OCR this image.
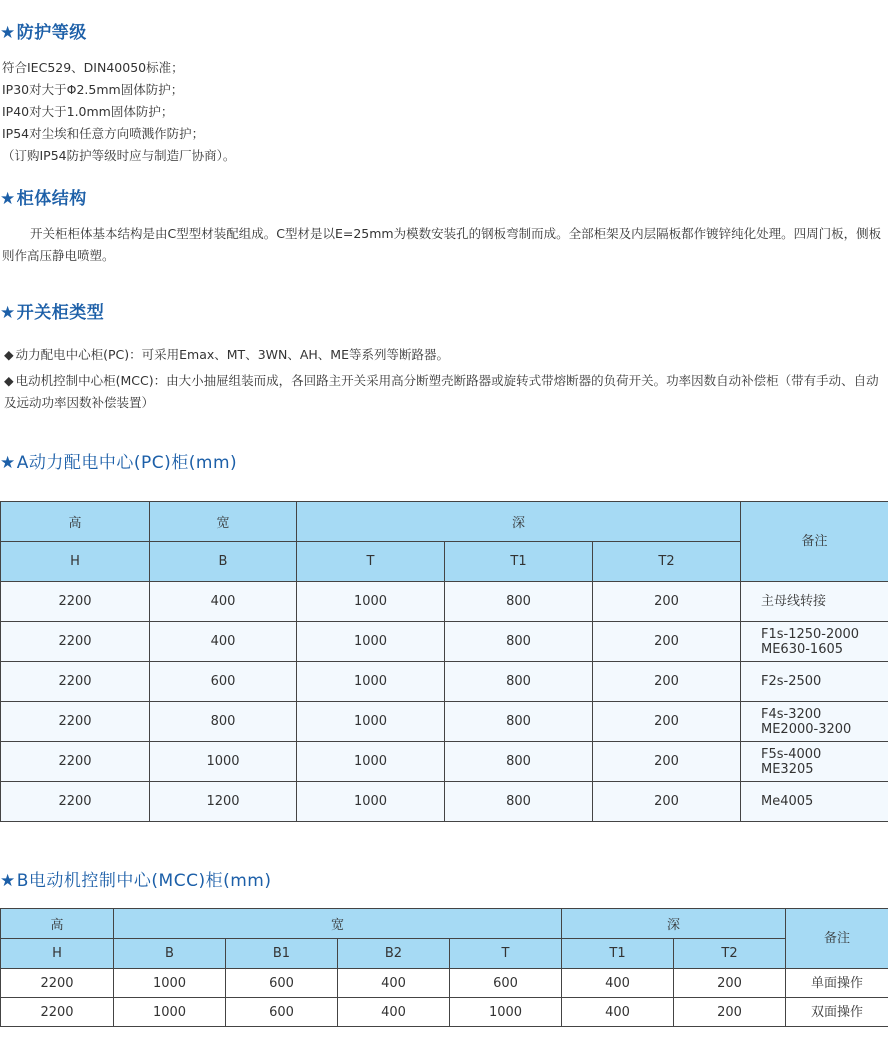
★防护等级

符合IEC529、DIN40050标准；

IP30对大于Φ2.5mm固体防护；

IP40对大于1.0mm固体防护；

IP54对尘埃和任意方向喷溅作防护；

（订购IP54防护等级时应与制造厂协商）。

★柜体结构

开关柜柜体基本结构是由C型型材装配组成。C型材是以E=25mm为模数安装孔的钢板弯制而成。全部柜架及内层隔板都作镀锌纯化处理。四周门板，侧板则作高压静电喷塑。

★开关柜类型

◆ 动力配电中心柜(PC)：可采用Emax、MT、3WN、AH、ME等系列等断路器。

◆ 电动机控制中心柜(MCC)：由大小抽屉组装而成，各回路主开关采用高分断塑壳断路器或旋转式带熔断器的负荷开关。功率因数自动补偿柜（带有手动、自动及远动功率因数补偿装置）

★A动力配电中心(PC)柜(mm)
高	宽	深			备注
H	B	T	T1	T2	
2200	400	1000	800	200	主母线转接

2200	400	1000	800	200	F1s-1250-2000
ME630-1605

2200	600	1000	800	200	F2s-2500

2200	800	1000	800	200	F4s-3200
ME2000-3200

2200	1000	1000	800	200	F5s-4000
ME3205

2200	1200	1000	800	200	Me4005
★B电动机控制中心(MCC)柜(mm)
高	宽				深		备注
H	B	B1	B2	T	T1	T2	
2200	1000	600	400	600	400	200	单面操作
2200	1000	600	400	1000	400	200	双面操作
